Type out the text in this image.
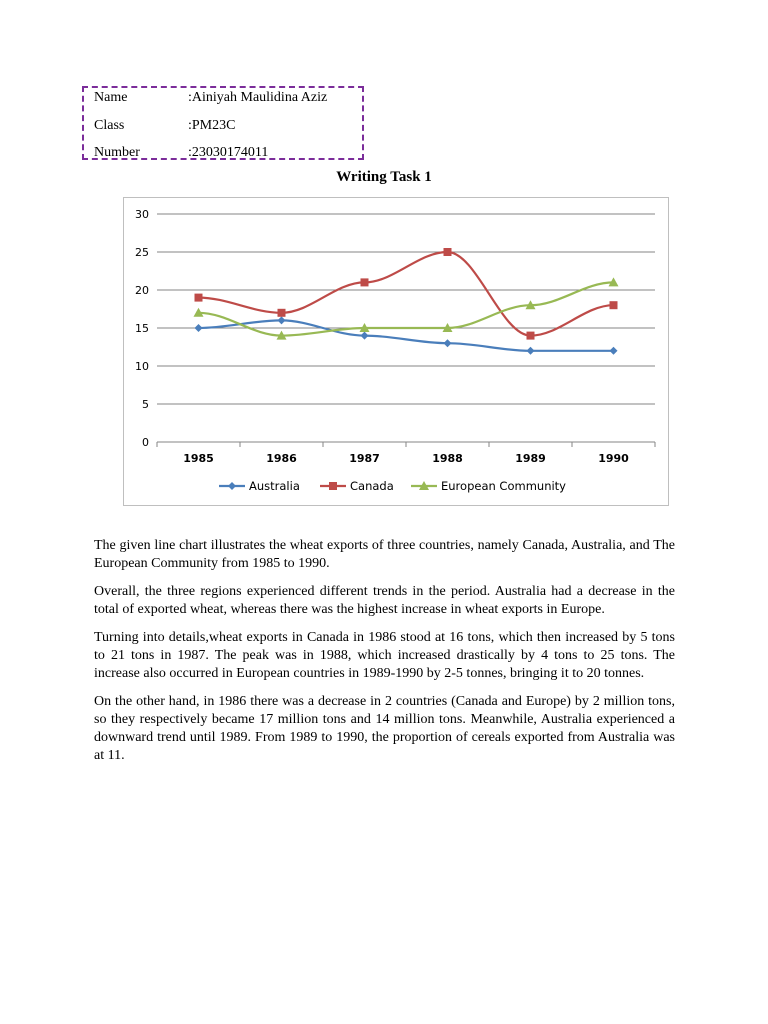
Name	:Ainiyah Maulidina Aziz
Class	:PM23C
Number	:23030174011
Writing Task 1
0
5
10
15
20
25
30
1985	1986	1987	1988	1989	1990
Australia	Canada	European Community

The given line chart illustrates the wheat exports of three countries, namely Canada, Australia, and The European Community from 1985 to 1990.

Overall, the three regions experienced different trends in the period. Australia had a decrease in the total of exported wheat, whereas there was the highest increase in wheat exports in Europe.

Turning into details,wheat exports in Canada in 1986 stood at 16 tons, which then increased by 5 tons to 21 tons in 1987. The peak was in 1988, which increased drastically by 4 tons to 25 tons. The increase also occurred in European countries in 1989-1990 by 2-5 tonnes, bringing it to 20 tonnes.

On the other hand, in 1986 there was a decrease in 2 countries (Canada and Europe) by 2 million tons, so they respectively became 17 million tons and 14 million tons. Meanwhile, Australia experienced a downward trend until 1989. From 1989 to 1990, the proportion of cereals exported from Australia was at 11.
